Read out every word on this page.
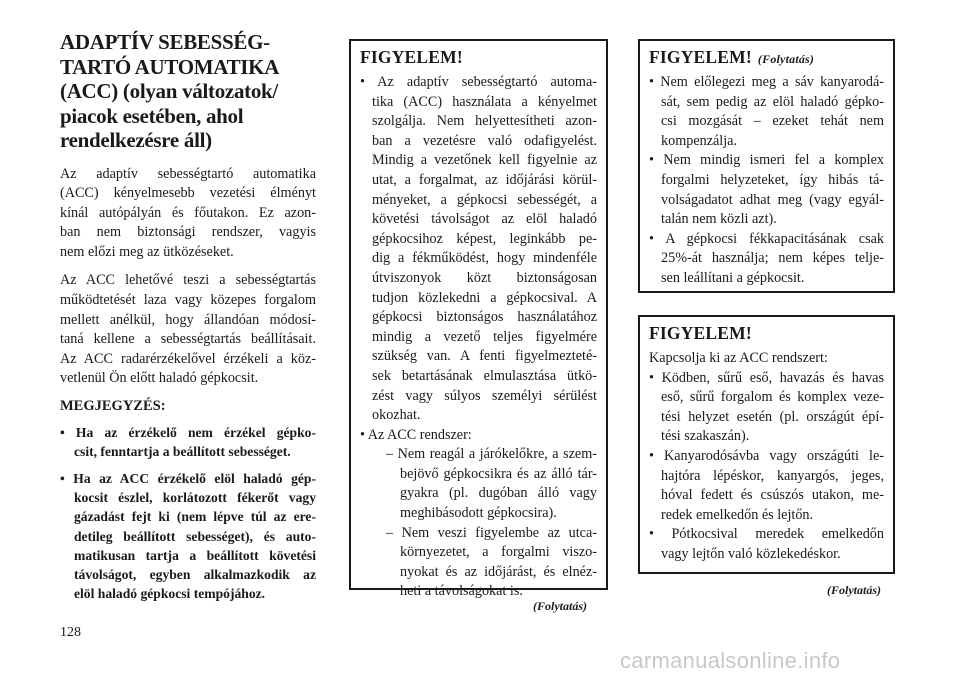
ADAPTÍV SEBESSÉG-
TARTÓ AUTOMATIKA
(ACC) (olyan változatok/
piacok esetében, ahol
rendelkezésre áll)

Az adaptív sebességtartó automatika
(ACC) kényelmesebb vezetési élményt
kínál autópályán és főutakon. Ez azon-
ban nem biztonsági rendszer, vagyis
nem előzi meg az ütközéseket.

Az ACC lehetővé teszi a sebességtartás
működtetését laza vagy közepes forgalom
mellett anélkül, hogy állandóan módosí-
taná kellene a sebességtartás beállításait.
Az ACC radarérzékelővel érzékeli a köz-
vetlenül Ön előtt haladó gépkocsit.

MEGJEGYZÉS:
• Ha az érzékelő nem érzékel gépko-
csit, fenntartja a beállított sebességet.
• Ha az ACC érzékelő elöl haladó gép-
kocsit észlel, korlátozott fékerőt vagy
gázadást fejt ki (nem lépve túl az ere-
detileg beállított sebességet), és auto-
matikusan tartja a beállított követési
távolságot, egyben alkalmazkodik az
elöl haladó gépkocsi tempójához.
FIGYELEM!
• Az adaptív sebességtartó automa-
tika (ACC) használata a kényelmet
szolgálja. Nem helyettesítheti azon-
ban a vezetésre való odafigyelést.
Mindig a vezetőnek kell figyelnie az
utat, a forgalmat, az időjárási körül-
ményeket, a gépkocsi sebességét, a
követési távolságot az elöl haladó
gépkocsihoz képest, leginkább pe-
dig a fékműködést, hogy mindenféle
útviszonyok közt biztonságosan
tudjon közlekedni a gépkocsival. A
gépkocsi biztonságos használatához
mindig a vezető teljes figyelmére
szükség van. A fenti figyelmezteté-
sek betartásának elmulasztása ütkö-
zést vagy súlyos személyi sérülést
okozhat.
• Az ACC rendszer:
– Nem reagál a járókelőkre, a szem-
bejövő gépkocsikra és az álló tár-
gyakra (pl. dugóban álló vagy
meghibásodott gépkocsira).
– Nem veszi figyelembe az utca-
környezetet, a forgalmi viszo-
nyokat és az időjárást, és elnéz-
heti a távolságokat is.
(Folytatás)
FIGYELEM! (Folytatás)
• Nem előlegezi meg a sáv kanyarodá-
sát, sem pedig az elöl haladó gépko-
csi mozgását – ezeket tehát nem
kompenzálja.
• Nem mindig ismeri fel a komplex
forgalmi helyzeteket, így hibás tá-
volságadatot adhat meg (vagy egyál-
talán nem közli azt).
• A gépkocsi fékkapacitásának csak
25%-át használja; nem képes telje-
sen leállítani a gépkocsit.
FIGYELEM!
Kapcsolja ki az ACC rendszert:
• Ködben, sűrű eső, havazás és havas
eső, sűrű forgalom és komplex veze-
tési helyzet esetén (pl. országút épí-
tési szakaszán).
• Kanyarodósávba vagy országúti le-
hajtóra lépéskor, kanyargós, jeges,
hóval fedett és csúszós utakon, me-
redek emelkedőn és lejtőn.
• Pótkocsival meredek emelkedőn
vagy lejtőn való közlekedéskor.
(Folytatás)
128
carmanualsonline.info
